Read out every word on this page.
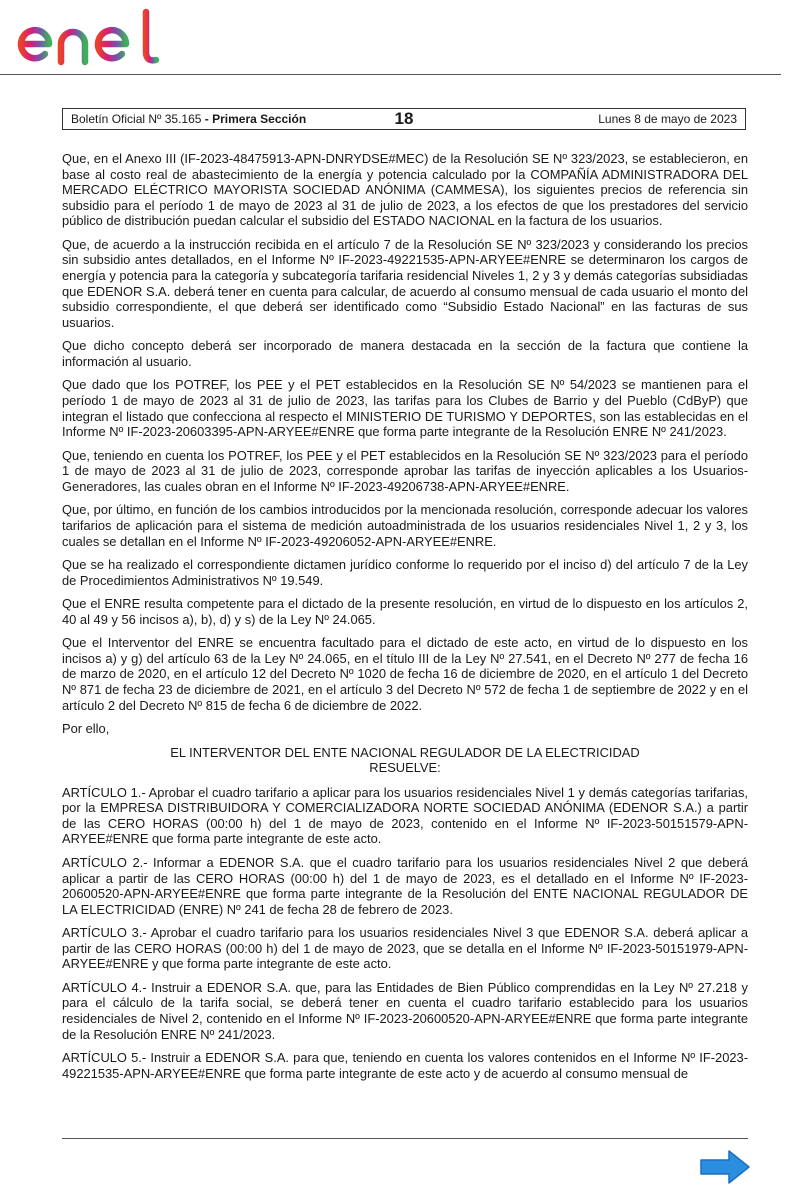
Boletín Oficial Nº 35.165 - Primera Sección	18	Lunes 8 de mayo de 2023

Que, en el Anexo III (IF-2023-48475913-APN-DNRYDSE#MEC) de la Resolución SE Nº 323/2023, se establecieron, en base al costo real de abastecimiento de la energía y potencia calculado por la COMPAÑÍA ADMINISTRADORA DEL MERCADO ELÉCTRICO MAYORISTA SOCIEDAD ANÓNIMA (CAMMESA), los siguientes precios de referencia sin subsidio para el período 1 de mayo de 2023 al 31 de julio de 2023, a los efectos de que los prestadores del servicio público de distribución puedan calcular el subsidio del ESTADO NACIONAL en la factura de los usuarios.

Que, de acuerdo a la instrucción recibida en el artículo 7 de la Resolución SE Nº 323/2023 y considerando los precios sin subsidio antes detallados, en el Informe Nº IF-2023-49221535-APN-ARYEE#ENRE se determinaron los cargos de energía y potencia para la categoría y subcategoría tarifaria residencial Niveles 1, 2 y 3 y demás categorías subsidiadas que EDENOR S.A. deberá tener en cuenta para calcular, de acuerdo al consumo mensual de cada usuario el monto del subsidio correspondiente, el que deberá ser identificado como “Subsidio Estado Nacional” en las facturas de sus usuarios.

Que dicho concepto deberá ser incorporado de manera destacada en la sección de la factura que contiene la información al usuario.

Que dado que los POTREF, los PEE y el PET establecidos en la Resolución SE Nº 54/2023 se mantienen para el período 1 de mayo de 2023 al 31 de julio de 2023, las tarifas para los Clubes de Barrio y del Pueblo (CdByP) que integran el listado que confecciona al respecto el MINISTERIO DE TURISMO Y DEPORTES, son las establecidas en el Informe Nº IF-2023-20603395-APN-ARYEE#ENRE que forma parte integrante de la Resolución ENRE Nº 241/2023.

Que, teniendo en cuenta los POTREF, los PEE y el PET establecidos en la Resolución SE Nº 323/2023 para el período 1 de mayo de 2023 al 31 de julio de 2023, corresponde aprobar las tarifas de inyección aplicables a los Usuarios-Generadores, las cuales obran en el Informe Nº IF-2023-49206738-APN-ARYEE#ENRE.

Que, por último, en función de los cambios introducidos por la mencionada resolución, corresponde adecuar los valores tarifarios de aplicación para el sistema de medición autoadministrada de los usuarios residenciales Nivel 1, 2 y 3, los cuales se detallan en el Informe Nº IF-2023-49206052-APN-ARYEE#ENRE.

Que se ha realizado el correspondiente dictamen jurídico conforme lo requerido por el inciso d) del artículo 7 de la Ley de Procedimientos Administrativos Nº 19.549.

Que el ENRE resulta competente para el dictado de la presente resolución, en virtud de lo dispuesto en los artículos 2, 40 al 49 y 56 incisos a), b), d) y s) de la Ley Nº 24.065.

Que el Interventor del ENRE se encuentra facultado para el dictado de este acto, en virtud de lo dispuesto en los incisos a) y g) del artículo 63 de la Ley Nº 24.065, en el título III de la Ley Nº 27.541, en el Decreto Nº 277 de fecha 16 de marzo de 2020, en el artículo 12 del Decreto Nº 1020 de fecha 16 de diciembre de 2020, en el artículo 1 del Decreto Nº 871 de fecha 23 de diciembre de 2021, en el artículo 3 del Decreto Nº 572 de fecha 1 de septiembre de 2022 y en el artículo 2 del Decreto Nº 815 de fecha 6 de diciembre de 2022.

Por ello,

EL INTERVENTOR DEL ENTE NACIONAL REGULADOR DE LA ELECTRICIDAD
RESUELVE:

ARTÍCULO 1.- Aprobar el cuadro tarifario a aplicar para los usuarios residenciales Nivel 1 y demás categorías tarifarias, por la EMPRESA DISTRIBUIDORA Y COMERCIALIZADORA NORTE SOCIEDAD ANÓNIMA (EDENOR S.A.) a partir de las CERO HORAS (00:00 h) del 1 de mayo de 2023, contenido en el Informe Nº IF-2023-50151579-APN-ARYEE#ENRE que forma parte integrante de este acto.

ARTÍCULO 2.- Informar a EDENOR S.A. que el cuadro tarifario para los usuarios residenciales Nivel 2 que deberá aplicar a partir de las CERO HORAS (00:00 h) del 1 de mayo de 2023, es el detallado en el Informe Nº IF-2023-20600520-APN-ARYEE#ENRE que forma parte integrante de la Resolución del ENTE NACIONAL REGULADOR DE LA ELECTRICIDAD (ENRE) Nº 241 de fecha 28 de febrero de 2023.

ARTÍCULO 3.- Aprobar el cuadro tarifario para los usuarios residenciales Nivel 3 que EDENOR S.A. deberá aplicar a partir de las CERO HORAS (00:00 h) del 1 de mayo de 2023, que se detalla en el Informe Nº IF-2023-50151979-APN-ARYEE#ENRE y que forma parte integrante de este acto.

ARTÍCULO 4.- Instruir a EDENOR S.A. que, para las Entidades de Bien Público comprendidas en la Ley Nº 27.218 y para el cálculo de la tarifa social, se deberá tener en cuenta el cuadro tarifario establecido para los usuarios residenciales de Nivel 2, contenido en el Informe Nº IF-2023-20600520-APN-ARYEE#ENRE que forma parte integrante de la Resolución ENRE Nº 241/2023.

ARTÍCULO 5.- Instruir a EDENOR S.A. para que, teniendo en cuenta los valores contenidos en el Informe Nº IF-2023-49221535-APN-ARYEE#ENRE que forma parte integrante de este acto y de acuerdo al consumo mensual de
